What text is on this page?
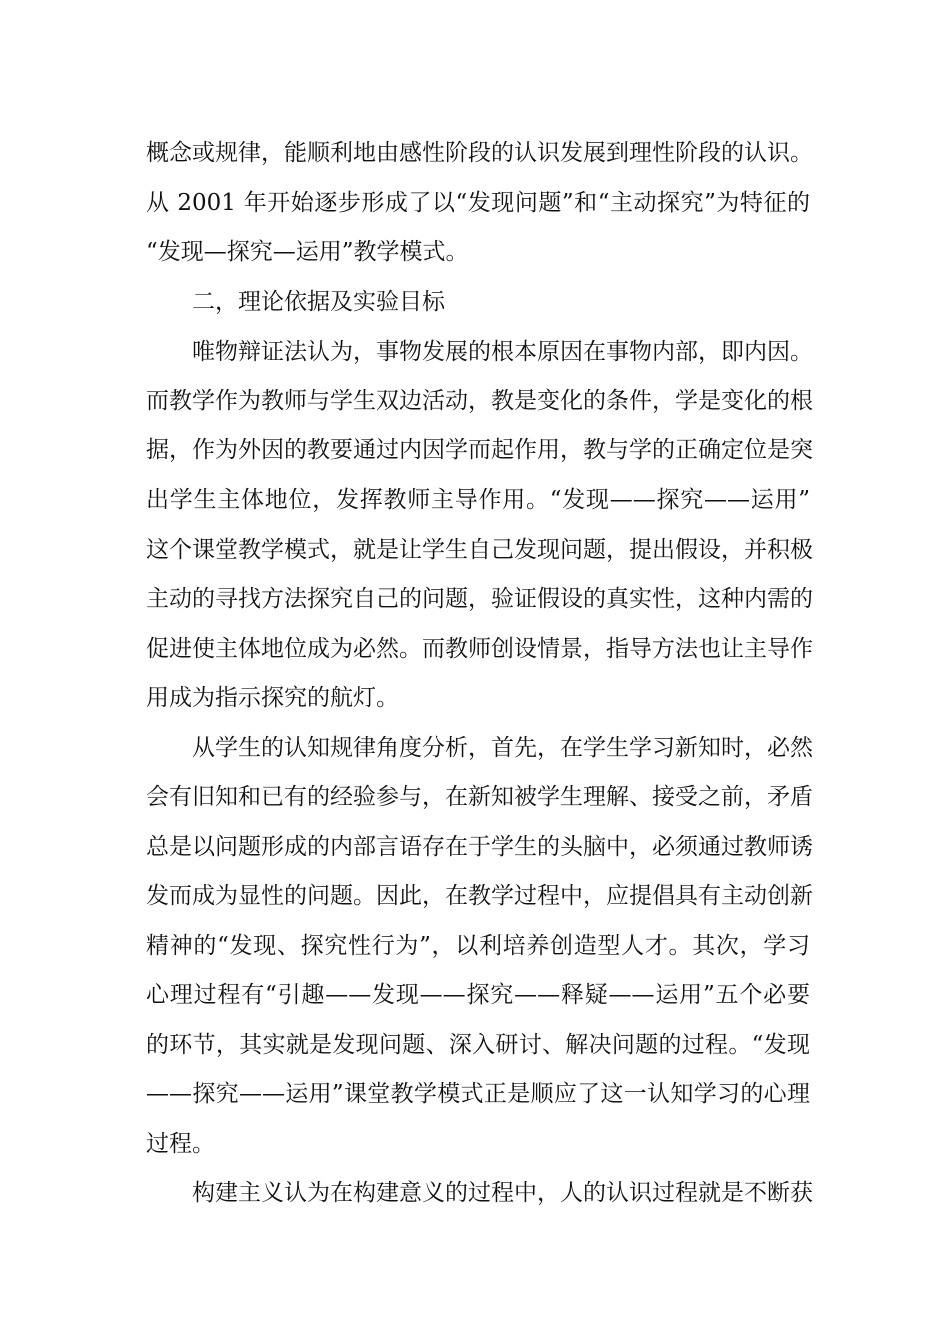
概念或规律，能顺利地由感性阶段的认识发展到理性阶段的认识。
从 2001 年开始逐步形成了以“发现问题”和“主动探究”为特征的
“发现—探究—运用”教学模式。
二，理论依据及实验目标
唯物辩证法认为，事物发展的根本原因在事物内部，即内因。
而教学作为教师与学生双边活动，教是变化的条件，学是变化的根
据，作为外因的教要通过内因学而起作用，教与学的正确定位是突
出学生主体地位，发挥教师主导作用。“发现——探究——运用”
这个课堂教学模式，就是让学生自己发现问题，提出假设，并积极
主动的寻找方法探究自己的问题，验证假设的真实性，这种内需的
促进使主体地位成为必然。而教师创设情景，指导方法也让主导作
用成为指示探究的航灯。
从学生的认知规律角度分析，首先，在学生学习新知时，必然
会有旧知和已有的经验参与，在新知被学生理解、接受之前，矛盾
总是以问题形成的内部言语存在于学生的头脑中，必须通过教师诱
发而成为显性的问题。因此，在教学过程中，应提倡具有主动创新
精神的“发现、探究性行为”，以利培养创造型人才。其次，学习
心理过程有“引趣——发现——探究——释疑——运用”五个必要
的环节，其实就是发现问题、深入研讨、解决问题的过程。“发现
——探究——运用”课堂教学模式正是顺应了这一认知学习的心理
过程。
构建主义认为在构建意义的过程中，人的认识过程就是不断获
